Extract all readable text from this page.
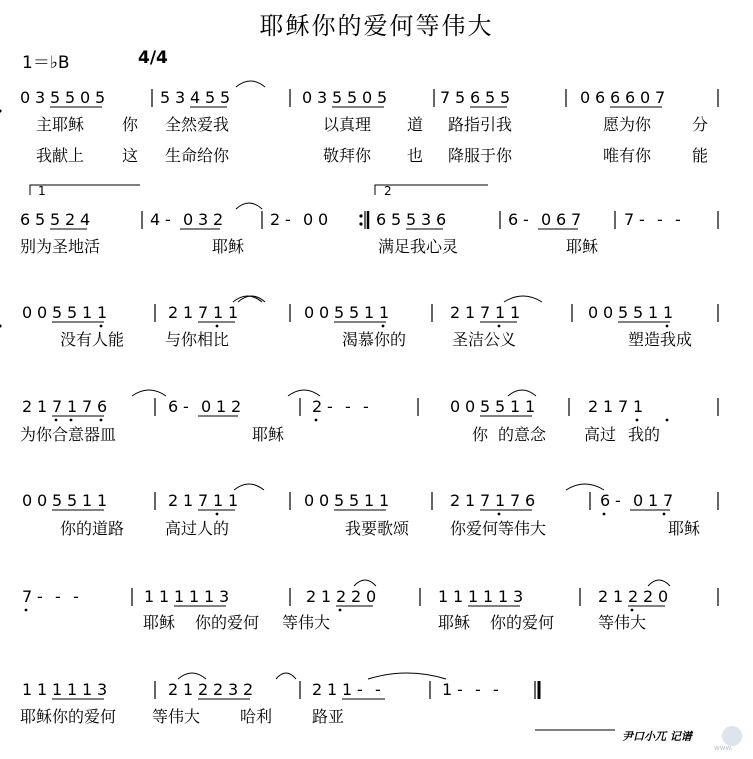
耶稣你的爱何等伟大
1＝♭B	4/4
0 3 5 5 0 5	5 3 4 5 5	0 3 5 5 0 5	7 5 6 5 5	0 6 6 6 0 7
主耶稣 你 全然爱我	以真理 道 路指引我	愿为你	分
我献上 这 生命给你	敬拜你 也 降服于你	唯有你	能
6 5 5 2 4	4 - 0 3 2	2 - 0 0	6 5 5 3 6	6 - 0 6 7	7 - - -
别为圣地活	耶稣	满足我心灵	耶稣
0 0 5 5 1 1	2 1 7 1 1	0 0 5 5 1 1	2 1 7 1 1	0 0 5 5 1 1
没有人能	与你相比	渴慕你的	圣洁公义	塑造我成
2 1 7 1 7 6	6 - 0 1 2	2 - - -	0 0 5 5 1 1	2 1 7 1
为你合意器皿	耶稣	你 的意念 高过 我的
0 0 5 5 1 1	2 1 7 1 1	0 0 5 5 1 1	2 1 7 1 7 6	6 - 0 1 7
你的道路	高过人的	我要歌颂	你爱何等伟大	耶稣
7 - - -	1 1 1 1 1 3	2 1 2 2 0	1 1 1 1 1 3	2 1 2 2 0
耶稣 你的爱何 等伟大	耶稣 你的爱何	等伟大
1 1 1 1 1 3	2 1 2 2 3 2	2 1 1 - -	1 - - -
耶稣你的爱何 等伟大 哈利 路亚
1	2
尹口小兀 记谱
www.
